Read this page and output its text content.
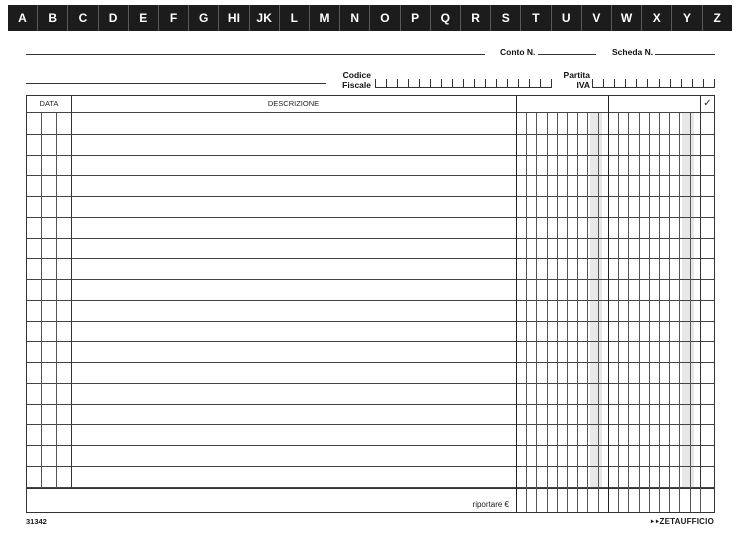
A	B	C	D	E	F	G	HI	JK	L	M	N	O	P	Q	R	S	T	U	V	W	X	Y	Z
Conto N.	Scheda N.
Codice
Fiscale
Partita
IVA
DATA	DESCRIZIONE	✓
riportare €
31342	⯈⯈ZETAUFFICIO
